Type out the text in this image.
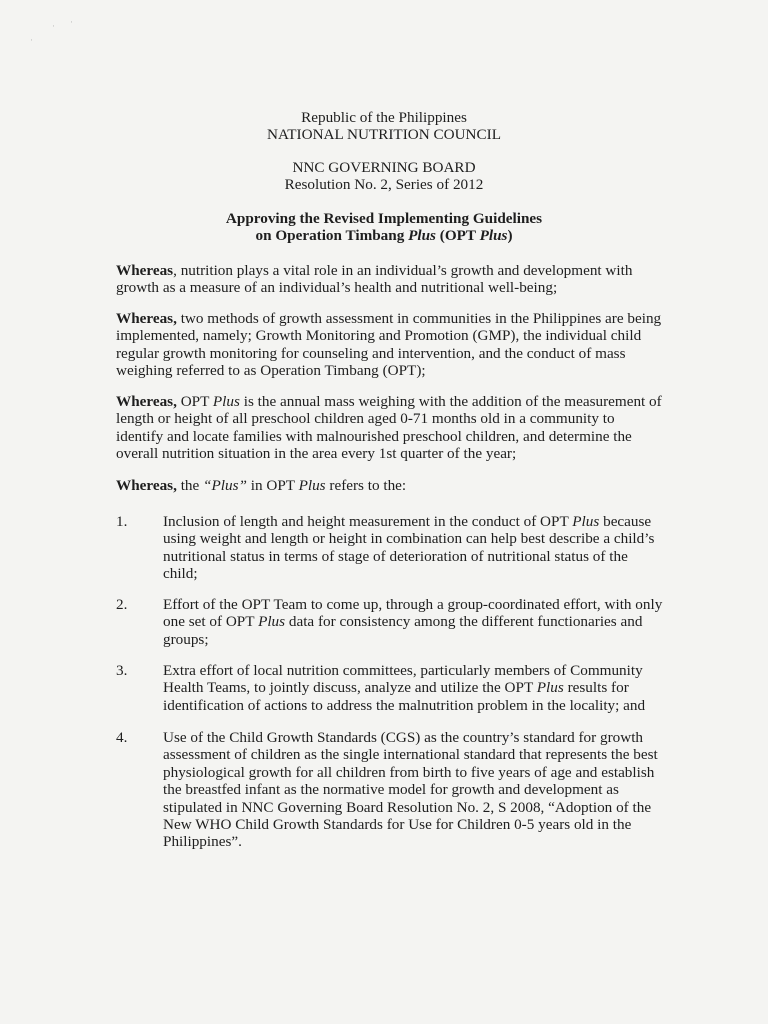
· ·
·
Republic of the Philippines
NATIONAL NUTRITION COUNCIL
NNC GOVERNING BOARD
Resolution No. 2, Series of 2012
Approving the Revised Implementing Guidelines
on Operation Timbang Plus (OPT Plus)
Whereas, nutrition plays a vital role in an individual’s growth and development with
growth as a measure of an individual’s health and nutritional well-being;
Whereas, two methods of growth assessment in communities in the Philippines are being
implemented, namely; Growth Monitoring and Promotion (GMP), the individual child
regular growth monitoring for counseling and intervention, and the conduct of mass
weighing referred to as Operation Timbang (OPT);
Whereas, OPT Plus is the annual mass weighing with the addition of the measurement of
length or height of all preschool children aged 0-71 months old in a community to
identify and locate families with malnourished preschool children, and determine the
overall nutrition situation in the area every 1st quarter of the year;
Whereas, the “Plus” in OPT Plus refers to the:
1.	Inclusion of length and height measurement in the conduct of OPT Plus because
using weight and length or height in combination can help best describe a child’s
nutritional status in terms of stage of deterioration of nutritional status of the
child;
2.	Effort of the OPT Team to come up, through a group-coordinated effort, with only
one set of OPT Plus data for consistency among the different functionaries and
groups;
3.	Extra effort of local nutrition committees, particularly members of Community
Health Teams, to jointly discuss, analyze and utilize the OPT Plus results for
identification of actions to address the malnutrition problem in the locality; and
4.	Use of the Child Growth Standards (CGS) as the country’s standard for growth
assessment of children as the single international standard that represents the best
physiological growth for all children from birth to five years of age and establish
the breastfed infant as the normative model for growth and development as
stipulated in NNC Governing Board Resolution No. 2, S 2008, “Adoption of the
New WHO Child Growth Standards for Use for Children 0-5 years old in the
Philippines”.
